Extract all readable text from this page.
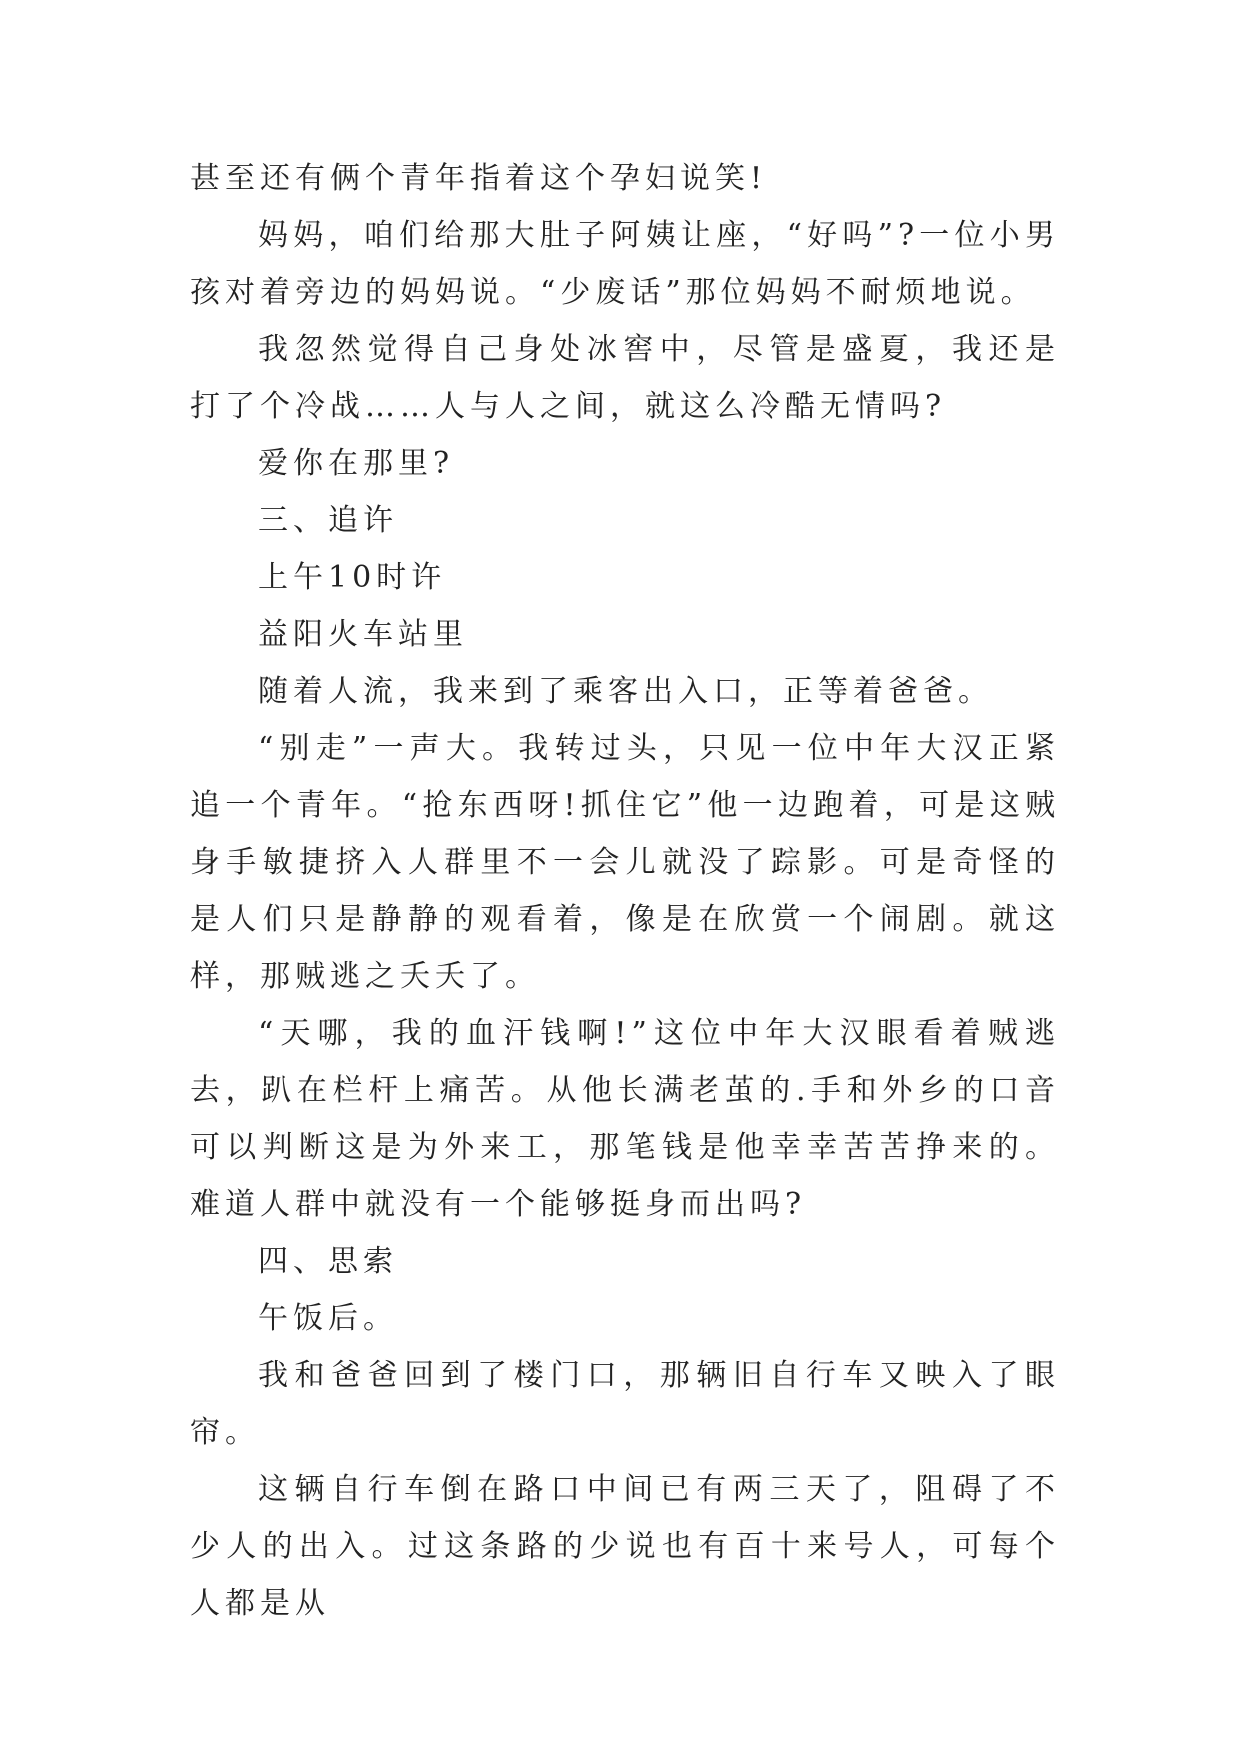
甚至还有俩个青年指着这个孕妇说笑!

妈妈，咱们给那大肚子阿姨让座，“好吗”?一位小男孩对着旁边的妈妈说。“少废话”那位妈妈不耐烦地说。

我忽然觉得自己身处冰窖中，尽管是盛夏，我还是打了个冷战……人与人之间，就这么冷酷无情吗?

爱你在那里?

三、追许

上午10时许

益阳火车站里

随着人流，我来到了乘客出入口，正等着爸爸。

“别走”一声大。我转过头，只见一位中年大汉正紧追一个青年。“抢东西呀!抓住它”他一边跑着，可是这贼身手敏捷挤入人群里不一会儿就没了踪影。可是奇怪的是人们只是静静的观看着，像是在欣赏一个闹剧。就这样，那贼逃之夭夭了。

“天哪，我的血汗钱啊!”这位中年大汉眼看着贼逃去，趴在栏杆上痛苦。从他长满老茧的.手和外乡的口音可以判断这是为外来工，那笔钱是他幸幸苦苦挣来的。难道人群中就没有一个能够挺身而出吗?

四、思索

午饭后。

我和爸爸回到了楼门口，那辆旧自行车又映入了眼帘。

这辆自行车倒在路口中间已有两三天了，阻碍了不少人的出入。过这条路的少说也有百十来号人，可每个人都是从
